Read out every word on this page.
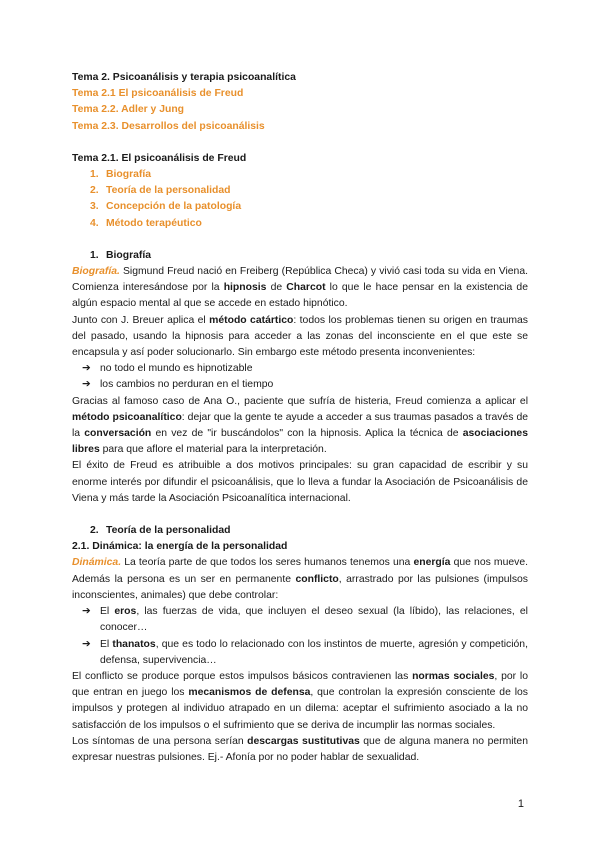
Tema 2. Psicoanálisis y terapia psicoanalítica
Tema 2.1 El psicoanálisis de Freud
Tema 2.2. Adler y Jung
Tema 2.3. Desarrollos del psicoanálisis
Tema 2.1. El psicoanálisis de Freud
1. Biografía
2. Teoría de la personalidad
3. Concepción de la patología
4. Método terapéutico
1. Biografía

Biografía. Sigmund Freud nació en Freiberg (República Checa) y vivió casi toda su vida en Viena. Comienza interesándose por la hipnosis de Charcot lo que le hace pensar en la existencia de algún espacio mental al que se accede en estado hipnótico.

Junto con J. Breuer aplica el método catártico: todos los problemas tienen su origen en traumas del pasado, usando la hipnosis para acceder a las zonas del inconsciente en el que este se encapsula y así poder solucionarlo. Sin embargo este método presenta inconvenientes:

➔ no todo el mundo es hipnotizable
➔ los cambios no perduran en el tiempo

Gracias al famoso caso de Ana O., paciente que sufría de histeria, Freud comienza a aplicar el método psicoanalítico: dejar que la gente te ayude a acceder a sus traumas pasados a través de la conversación en vez de "ir buscándolos" con la hipnosis. Aplica la técnica de asociaciones libres para que aflore el material para la interpretación.

El éxito de Freud es atribuible a dos motivos principales: su gran capacidad de escribir y su enorme interés por difundir el psicoanálisis, que lo lleva a fundar la Asociación de Psicoanálisis de Viena y más tarde la Asociación Psicoanalítica internacional.

2. Teoría de la personalidad
2.1. Dinámica: la energía de la personalidad

Dinámica. La teoría parte de que todos los seres humanos tenemos una energía que nos mueve. Además la persona es un ser en permanente conflicto, arrastrado por las pulsiones (impulsos inconscientes, animales) que debe controlar:

➔ El eros, las fuerzas de vida, que incluyen el deseo sexual (la líbido), las relaciones, el conocer…
➔ El thanatos, que es todo lo relacionado con los instintos de muerte, agresión y competición, defensa, supervivencia…

El conflicto se produce porque estos impulsos básicos contravienen las normas sociales, por lo que entran en juego los mecanismos de defensa, que controlan la expresión consciente de los impulsos y protegen al individuo atrapado en un dilema: aceptar el sufrimiento asociado a la no satisfacción de los impulsos o el sufrimiento que se deriva de incumplir las normas sociales.

Los síntomas de una persona serían descargas sustitutivas que de alguna manera no permiten expresar nuestras pulsiones. Ej.- Afonía por no poder hablar de sexualidad.

1
